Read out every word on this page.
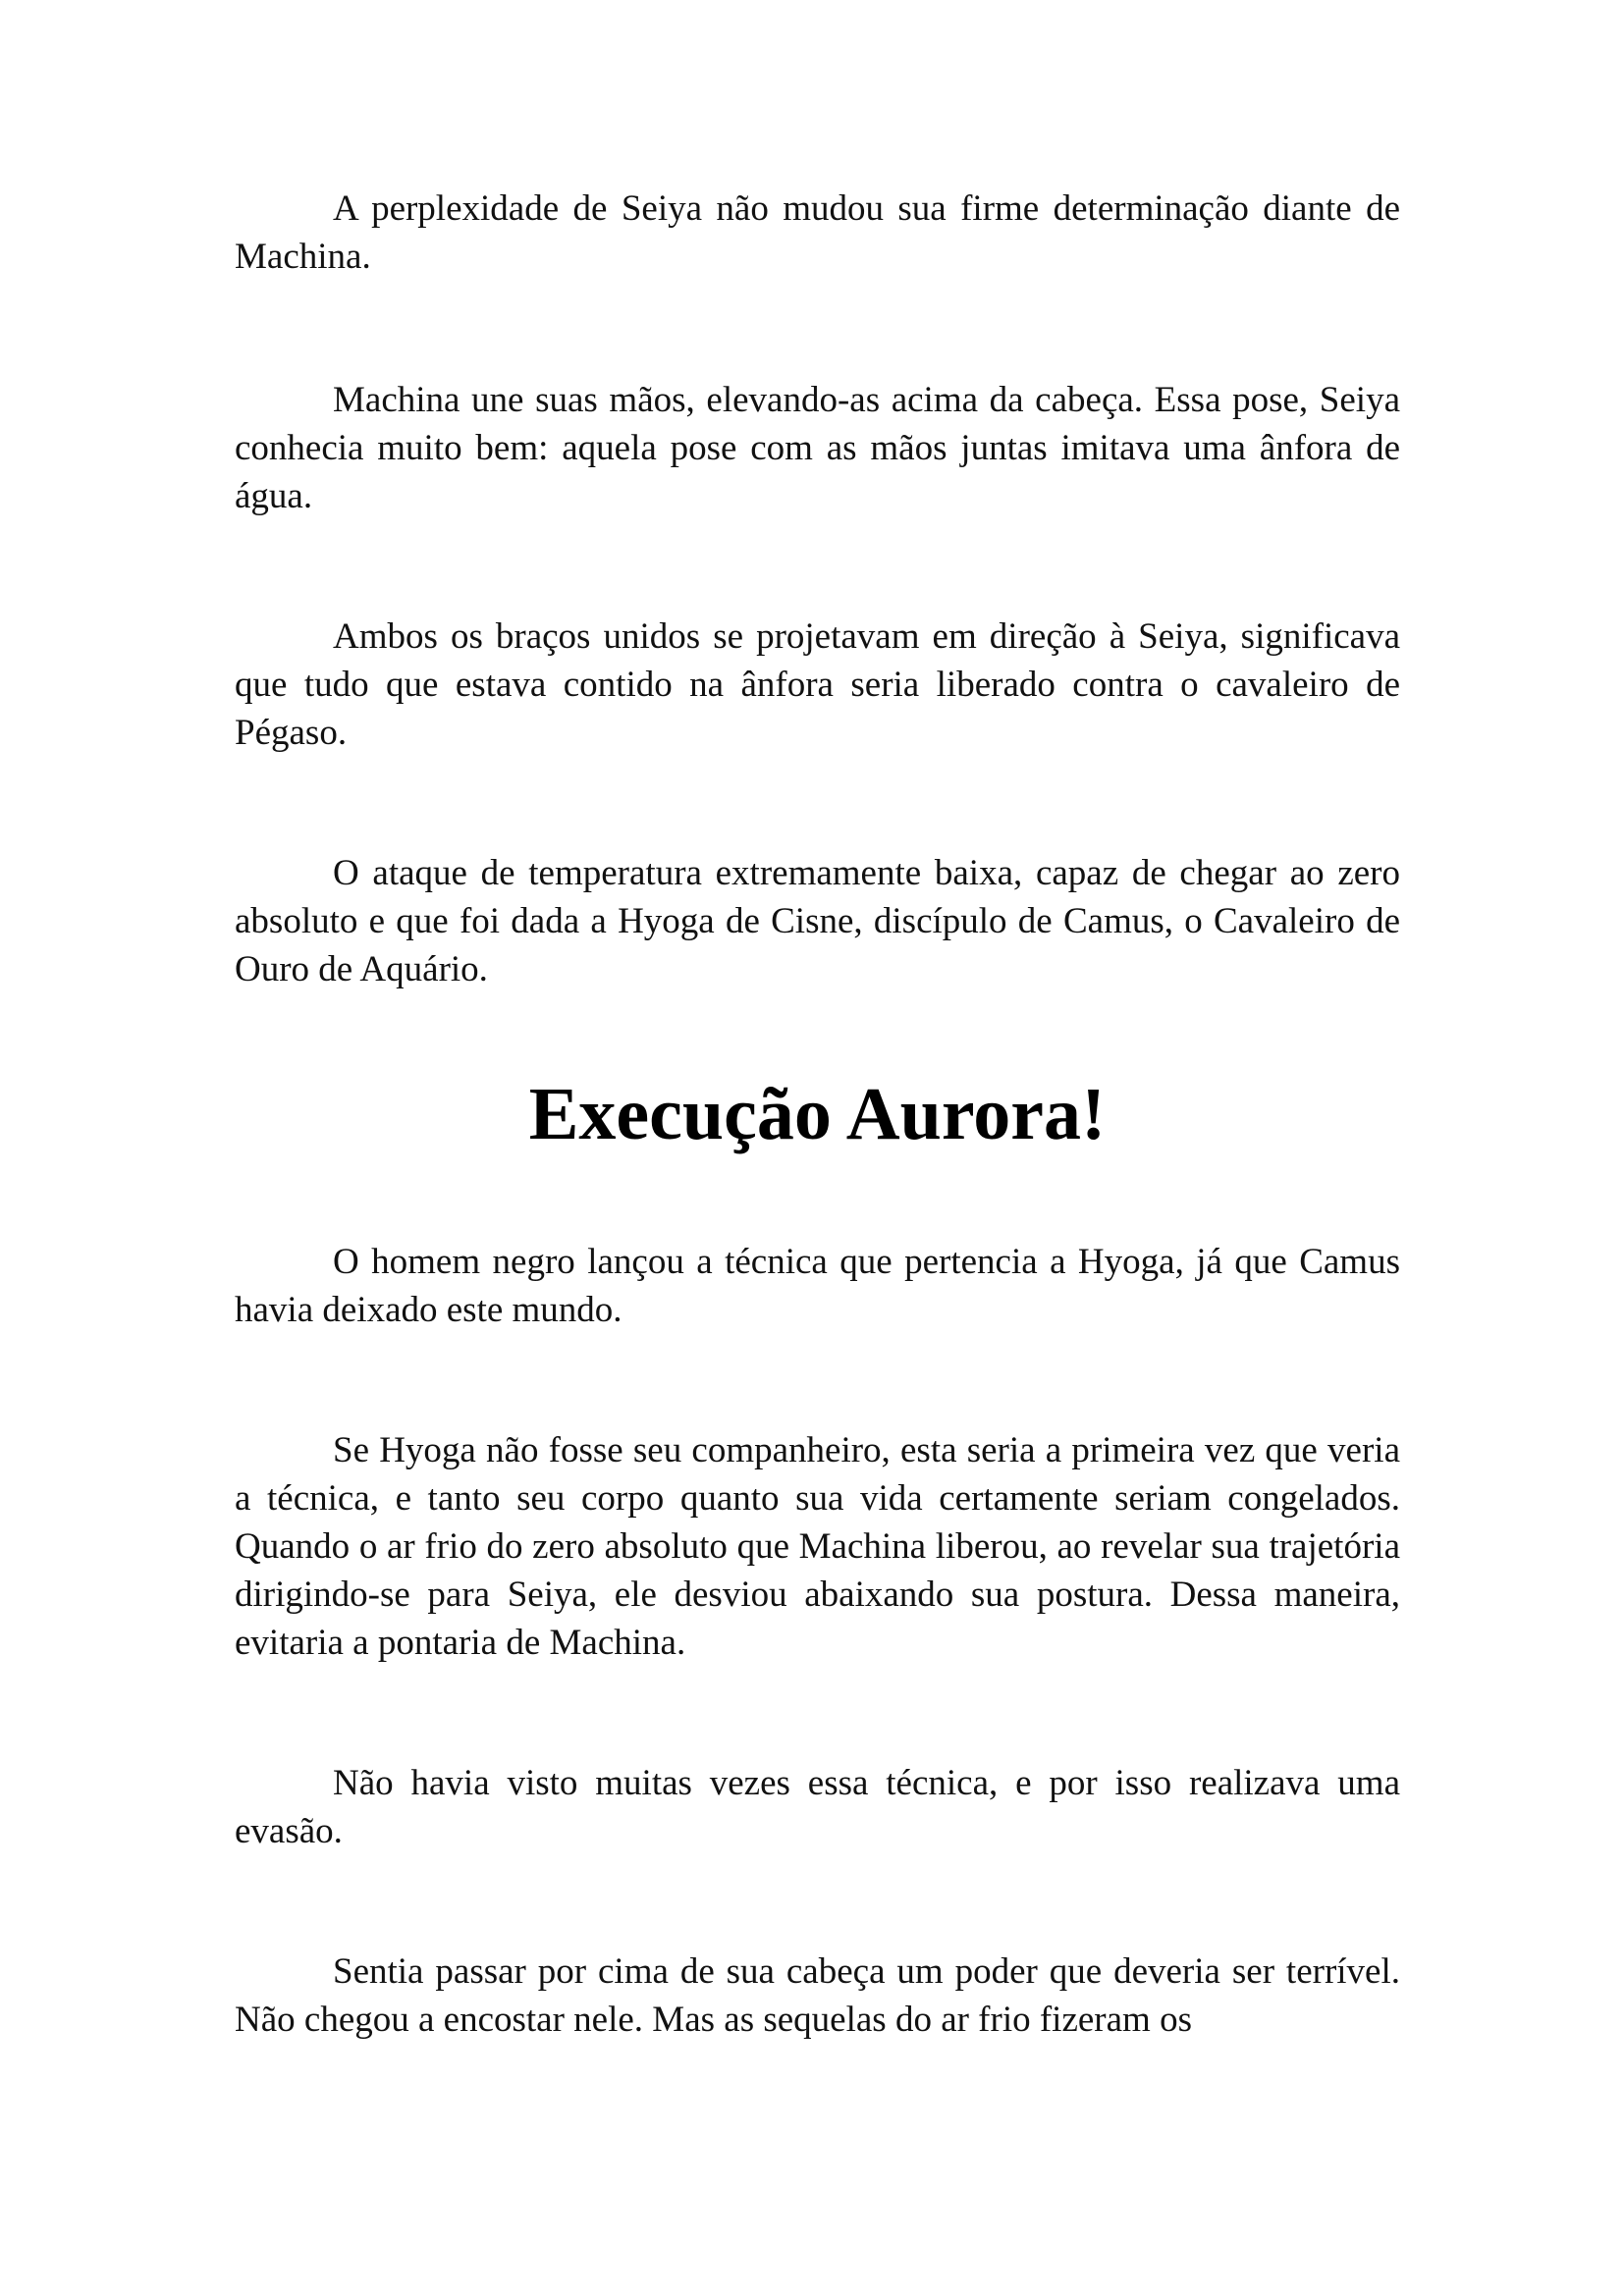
A perplexidade de Seiya não mudou sua firme determinação diante de Machina.

Machina une suas mãos, elevando-as acima da cabeça. Essa pose, Seiya conhecia muito bem: aquela pose com as mãos juntas imitava uma ânfora de água.

Ambos os braços unidos se projetavam em direção à Seiya, significava que tudo que estava contido na ânfora seria liberado contra o cavaleiro de Pégaso.

O ataque de temperatura extremamente baixa, capaz de chegar ao zero absoluto e que foi dada a Hyoga de Cisne, discípulo de Camus, o Cavaleiro de Ouro de Aquário.

Execução Aurora!

O homem negro lançou a técnica que pertencia a Hyoga, já que Camus havia deixado este mundo.

Se Hyoga não fosse seu companheiro, esta seria a primeira vez que veria a técnica, e tanto seu corpo quanto sua vida certamente seriam congelados. Quando o ar frio do zero absoluto que Machina liberou, ao revelar sua trajetória dirigindo-se para Seiya, ele desviou abaixando sua postura. Dessa maneira, evitaria a pontaria de Machina.

Não havia visto muitas vezes essa técnica, e por isso realizava uma evasão.

Sentia passar por cima de sua cabeça um poder que deveria ser terrível. Não chegou a encostar nele. Mas as sequelas do ar frio fizeram os
